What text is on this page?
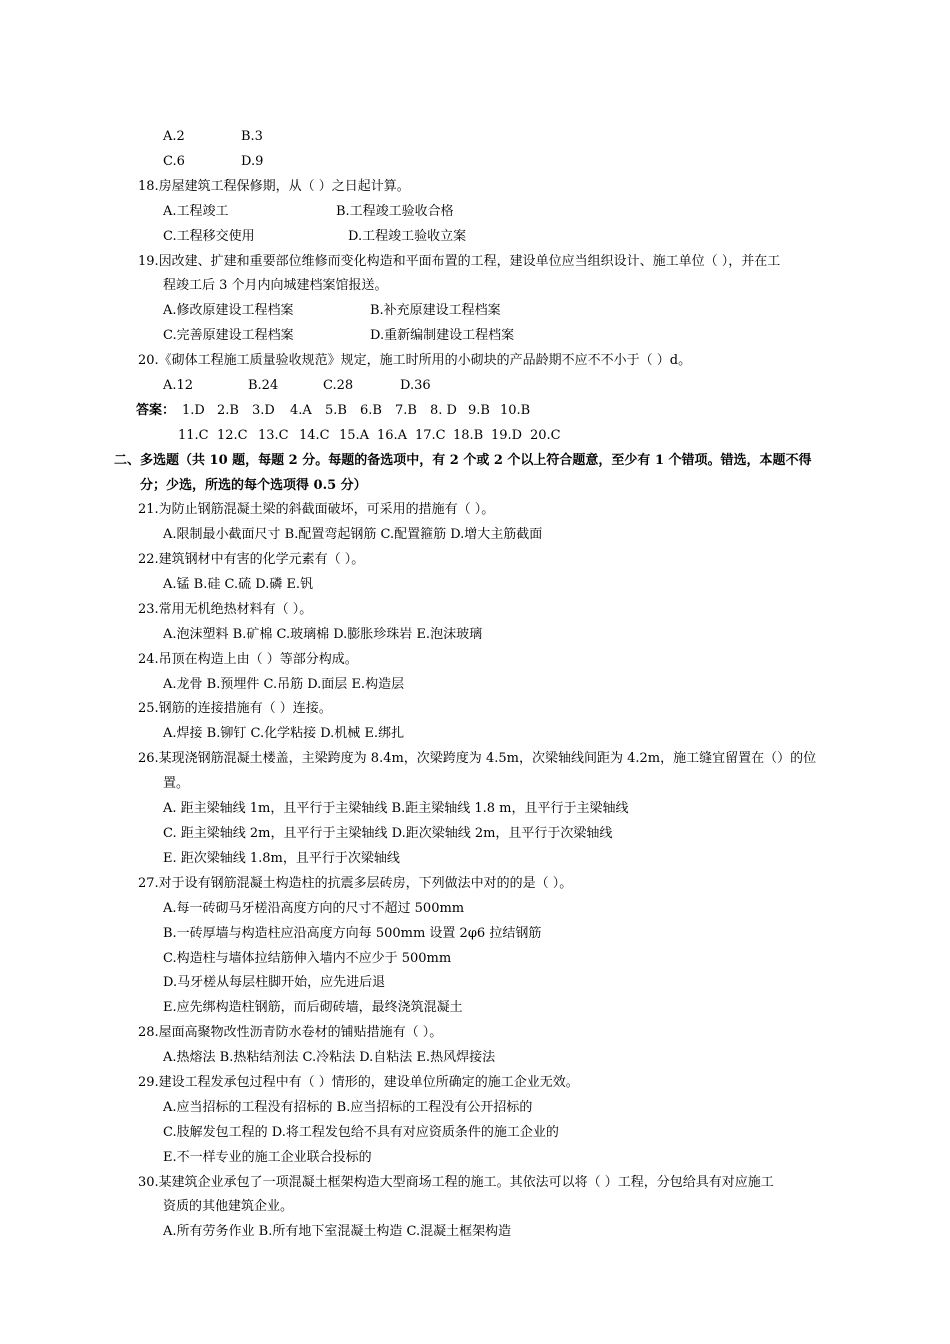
A.2	B.3
C.6	D.9
18.房屋建筑工程保修期，从（ ）之日起计算。
A.工程竣工	B.工程竣工验收合格
C.工程移交使用	D.工程竣工验收立案
19.因改建、扩建和重要部位维修而变化构造和平面布置的工程，建设单位应当组织设计、施工单位（ ），并在工
程竣工后 3 个月内向城建档案馆报送。
A.修改原建设工程档案	B.补充原建设工程档案
C.完善原建设工程档案	D.重新编制建设工程档案
20.《砌体工程施工质量验收规范》规定，施工时所用的小砌块的产品龄期不应不不小于（ ）d。
A.12	B.24	C.28	D.36
答案： 1.D 2.B 3.D 4.A 5.B 6.B 7.B 8. D 9.B 10.B
11.C 12.C 13.C 14.C 15.A 16.A 17.C 18.B 19.D 20.C
二、多选题（共 10 题，每题 2 分。每题的备选项中，有 2 个或 2 个以上符合题意，至少有 1 个错项。错选，本题不得
分；少选，所选的每个选项得 0.5 分）
21.为防止钢筋混凝土梁的斜截面破坏，可采用的措施有（ ）。
A.限制最小截面尺寸 B.配置弯起钢筋 C.配置箍筋 D.增大主筋截面
22.建筑钢材中有害的化学元素有（ ）。
A.锰 B.硅 C.硫 D.磷 E.钒
23.常用无机绝热材料有（ ）。
A.泡沫塑料 B.矿棉 C.玻璃棉 D.膨胀珍珠岩 E.泡沫玻璃
24.吊顶在构造上由（ ）等部分构成。
A.龙骨 B.预埋件 C.吊筋 D.面层 E.构造层
25.钢筋的连接措施有（ ）连接。
A.焊接 B.铆钉 C.化学粘接 D.机械 E.绑扎
26.某现浇钢筋混凝土楼盖，主梁跨度为 8.4m，次梁跨度为 4.5m，次梁轴线间距为 4.2m，施工缝宜留置在（）的位
置。
A. 距主梁轴线 1m，且平行于主梁轴线 B.距主梁轴线 1.8 m，且平行于主梁轴线
C. 距主梁轴线 2m，且平行于主梁轴线 D.距次梁轴线 2m，且平行于次梁轴线
E. 距次梁轴线 1.8m，且平行于次梁轴线
27.对于设有钢筋混凝土构造柱的抗震多层砖房，下列做法中对的的是（ ）。
A.每一砖砌马牙槎沿高度方向的尺寸不超过 500mm
B.一砖厚墙与构造柱应沿高度方向每 500mm 设置 2φ6 拉结钢筋
C.构造柱与墙体拉结筋伸入墙内不应少于 500mm
D.马牙槎从每层柱脚开始，应先进后退
E.应先绑构造柱钢筋，而后砌砖墙，最终浇筑混凝土
28.屋面高聚物改性沥青防水卷材的铺贴措施有（ ）。
A.热熔法 B.热粘结剂法 C.冷粘法 D.自粘法 E.热风焊接法
29.建设工程发承包过程中有（ ）情形的，建设单位所确定的施工企业无效。
A.应当招标的工程没有招标的 B.应当招标的工程没有公开招标的
C.肢解发包工程的 D.将工程发包给不具有对应资质条件的施工企业的
E.不一样专业的施工企业联合投标的
30.某建筑企业承包了一项混凝土框架构造大型商场工程的施工。其依法可以将（ ）工程，分包给具有对应施工
资质的其他建筑企业。
A.所有劳务作业 B.所有地下室混凝土构造 C.混凝土框架构造
